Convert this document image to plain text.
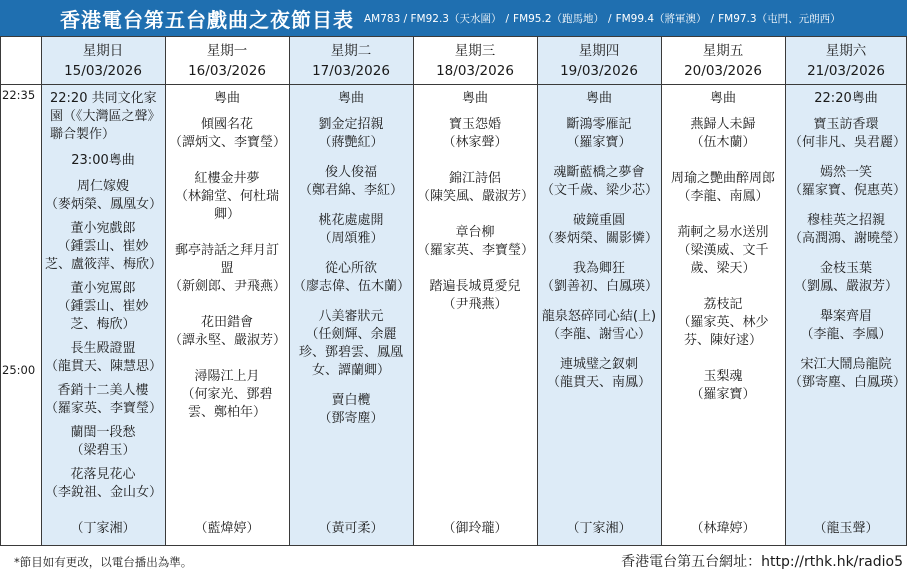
香港電台第五台戲曲之夜節目表 AM783 / FM92.3（天水圍） / FM95.2（跑馬地） / FM99.4（將軍澳） / FM97.3（屯門、元朗西）
22:35
25:00
星期日
15/03/2026
22:20 共同文化家園（《大灣區之聲》聯合製作）
23:00粵曲
周仁嫁嫂
（麥炳榮、鳳凰女）
董小宛戲郎
（鍾雲山、崔妙芝、盧筱萍、梅欣）
董小宛罵郎
（鍾雲山、崔妙芝、梅欣）
長生殿證盟
（龍貫天、陳慧思）
香銷十二美人樓
（羅家英、李寶瑩）
蘭閨一段愁
（梁碧玉）
花落見花心
（李銳祖、金山女）
（丁家湘）
星期一
16/03/2026
粵曲
傾國名花
（譚炳文、李寶瑩）
紅樓金井夢
（林錦堂、何杜瑞卿）
郵亭詩話之拜月訂盟
（新劍郎、尹飛燕）
花田錯會
（譚永堅、嚴淑芳）
潯陽江上月
（何家光、鄧碧雲、鄭柏年）
（藍煒婷）
星期二
17/03/2026
粵曲
劉金定招親
（蔣艷紅）
俊人俊福
（鄭君綿、李紅）
桃花處處開
（周頌雅）
從心所欲
（廖志偉、伍木蘭）
八美審狀元
（任劍輝、余麗珍、鄧碧雲、鳳凰女、譚蘭卿）
賣白欖
（鄧寄塵）
（黃可柔）
星期三
18/03/2026
粵曲
寶玉怨婚
（林家聲）
錦江詩侶
（陳笑風、嚴淑芳）
章台柳
（羅家英、李寶瑩）
踏遍長城覓愛兒
（尹飛燕）
（御玲瓏）
星期四
19/03/2026
粵曲
斷鴻零雁記
（羅家寶）
魂斷藍橋之夢會
（文千歲、梁少芯）
破鏡重圓
（麥炳榮、關影憐）
我為卿狂
（劉善初、白鳳瑛）
龍泉怒碎同心結(上)
（李龍、謝雪心）
連城璧之釵刺
（龍貫天、南鳳）
（丁家湘）
星期五
20/03/2026
粵曲
燕歸人未歸
（伍木蘭）
周瑜之艷曲醉周郎
（李龍、南鳳）
荊軻之易水送別
（梁漢威、文千歲、梁天）
荔枝記
（羅家英、林少芬、陳好逑）
玉梨魂
（羅家寶）
（林瑋婷）
星期六
21/03/2026
22:20粵曲
寶玉訪香環
（何非凡、吳君麗）
嫣然一笑
（羅家寶、倪惠英）
穆桂英之招親
（高潤鴻、謝曉瑩）
金枝玉葉
（劉鳳、嚴淑芳）
舉案齊眉
（李龍、李鳳）
宋江大鬧烏龍院
（鄧寄塵、白鳳瑛）
（龍玉聲）
*節目如有更改，以電台播出為準。	香港電台第五台網址：http://rthk.hk/radio5
